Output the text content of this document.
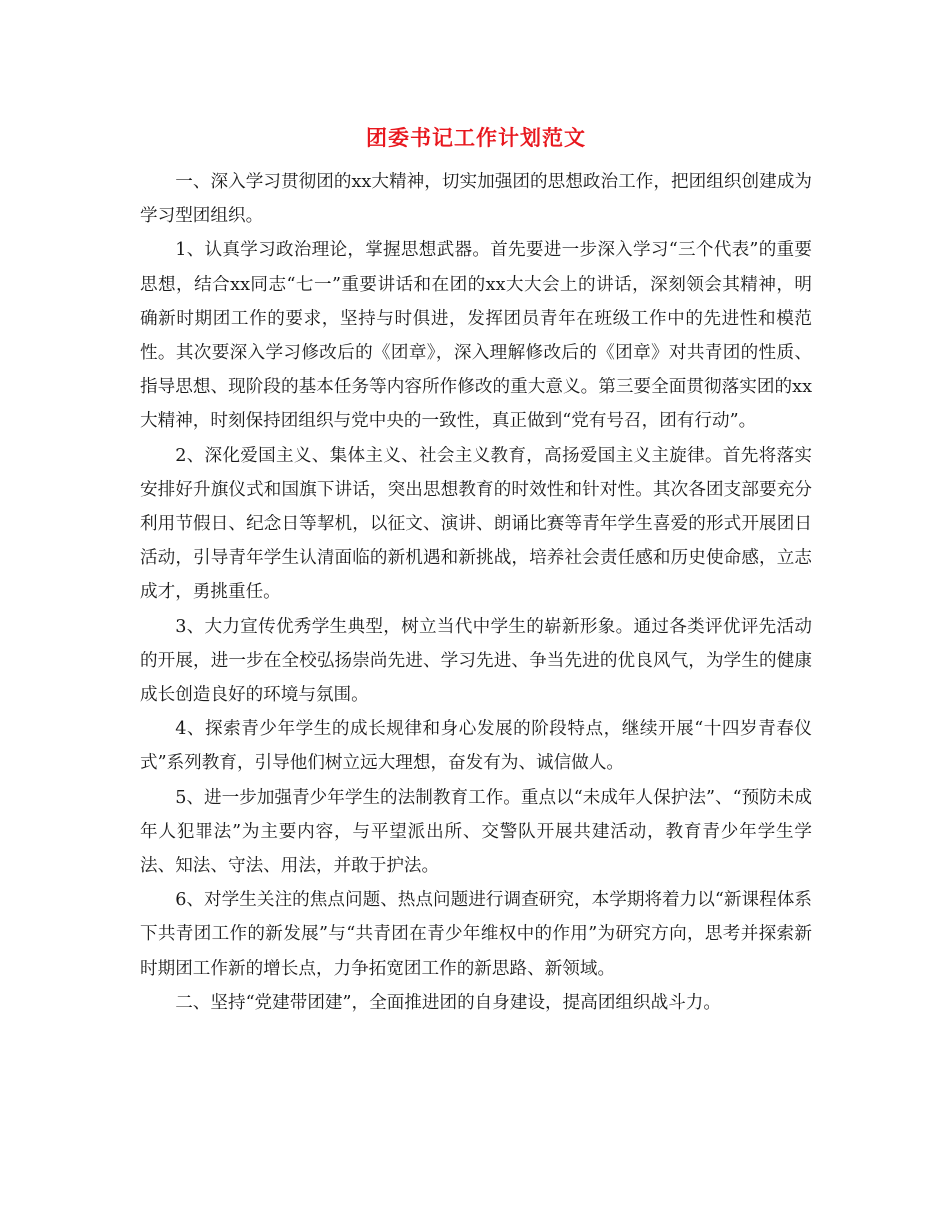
团委书记工作计划范文

一、深入学习贯彻团的xx大精神，切实加强团的思想政治工作，把团组织创建成为学习型团组织。

1、认真学习政治理论，掌握思想武器。首先要进一步深入学习“三个代表”的重要思想，结合xx同志“七一”重要讲话和在团的xx大大会上的讲话，深刻领会其精神，明确新时期团工作的要求，坚持与时俱进，发挥团员青年在班级工作中的先进性和模范性。其次要深入学习修改后的《团章》，深入理解修改后的《团章》对共青团的性质、指导思想、现阶段的基本任务等内容所作修改的重大意义。第三要全面贯彻落实团的xx大精神，时刻保持团组织与党中央的一致性，真正做到“党有号召，团有行动”。

2、深化爱国主义、集体主义、社会主义教育，高扬爱国主义主旋律。首先将落实安排好升旗仪式和国旗下讲话，突出思想教育的时效性和针对性。其次各团支部要充分利用节假日、纪念日等挈机，以征文、演讲、朗诵比赛等青年学生喜爱的形式开展团日活动，引导青年学生认清面临的新机遇和新挑战，培养社会责任感和历史使命感，立志成才，勇挑重任。

3、大力宣传优秀学生典型，树立当代中学生的崭新形象。通过各类评优评先活动的开展，进一步在全校弘扬崇尚先进、学习先进、争当先进的优良风气，为学生的健康成长创造良好的环境与氛围。

4、探索青少年学生的成长规律和身心发展的阶段特点，继续开展“十四岁青春仪式”系列教育，引导他们树立远大理想，奋发有为、诚信做人。

5、进一步加强青少年学生的法制教育工作。重点以“未成年人保护法”、“预防未成年人犯罪法”为主要内容，与平望派出所、交警队开展共建活动，教育青少年学生学法、知法、守法、用法，并敢于护法。

6、对学生关注的焦点问题、热点问题进行调查研究，本学期将着力以“新课程体系下共青团工作的新发展”与“共青团在青少年维权中的作用”为研究方向，思考并探索新时期团工作新的增长点，力争拓宽团工作的新思路、新领域。

二、坚持“党建带团建”，全面推进团的自身建设，提高团组织战斗力。
